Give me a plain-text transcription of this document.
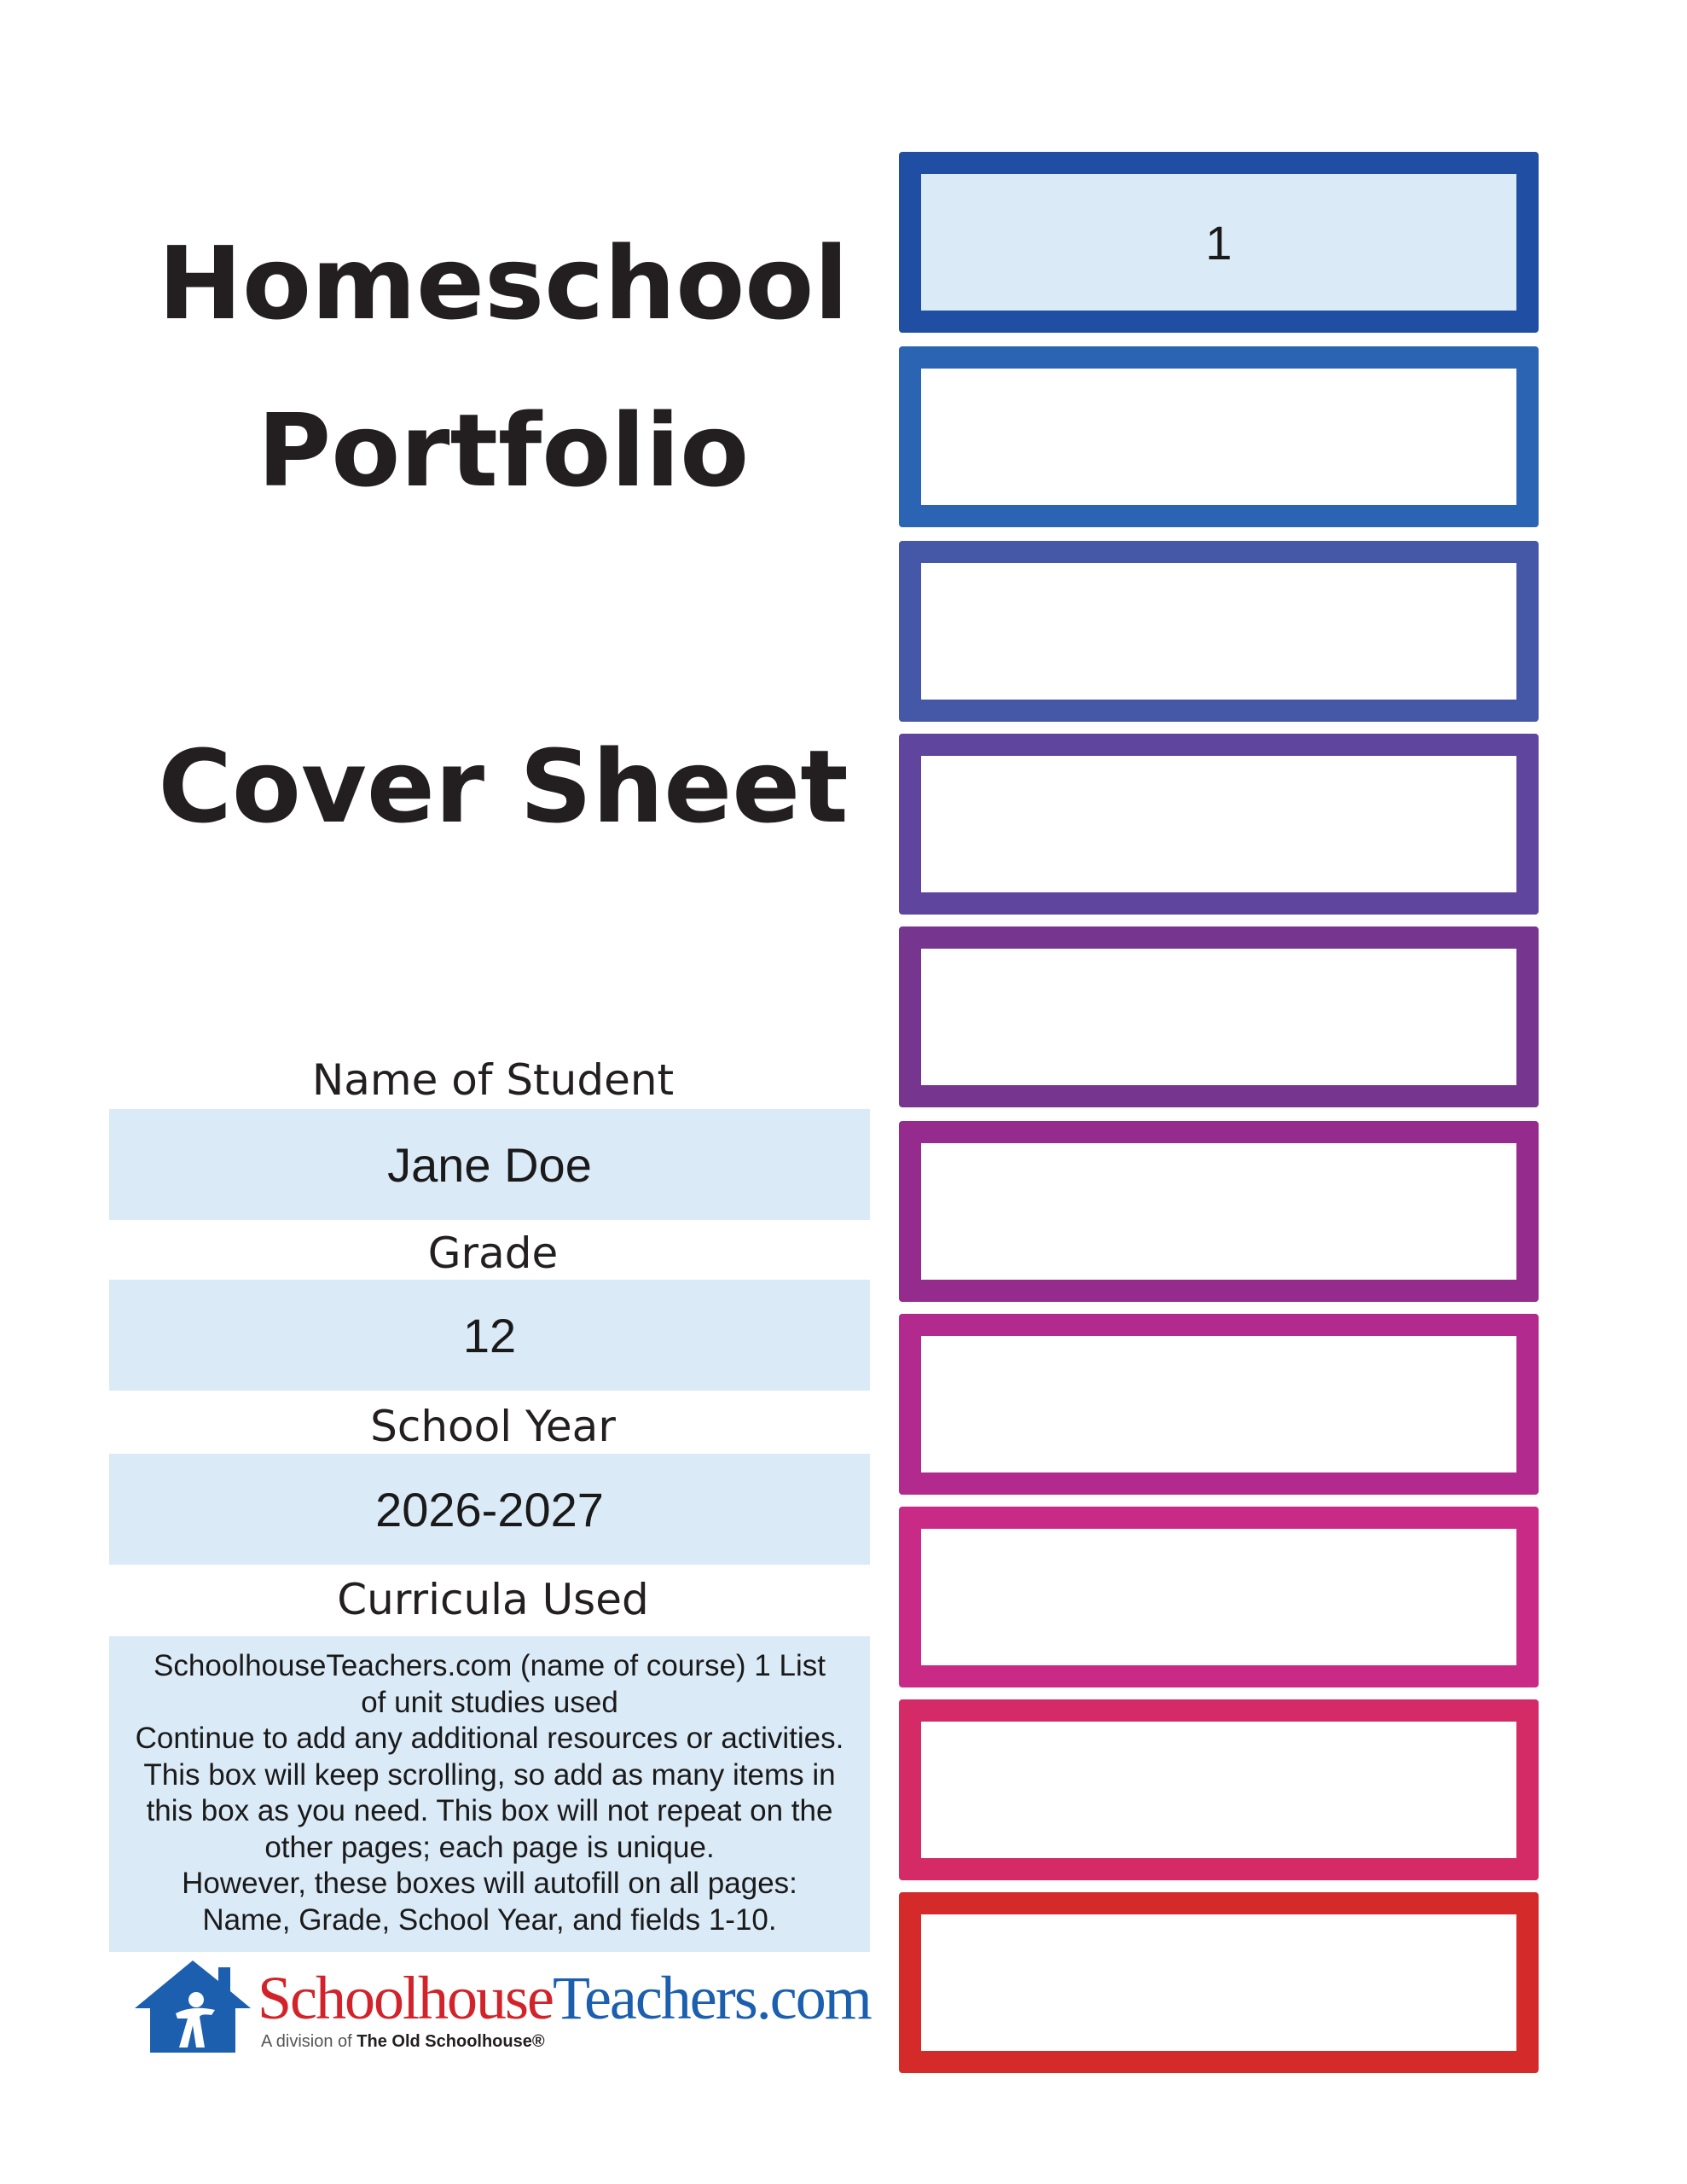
Homeschool
Portfolio
Cover Sheet
Name of Student
Jane Doe
Grade
12
School Year
2026-2027
Curricula Used
SchoolhouseTeachers.com (name of course) 1 List
of unit studies used
Continue to add any additional resources or activities.
This box will keep scrolling, so add as many items in
this box as you need. This box will not repeat on the
other pages; each page is unique.
However, these boxes will autofill on all pages:
Name, Grade, School Year, and fields 1-10.
1
SchoolhouseTeachers.com
A division of The Old Schoolhouse®
